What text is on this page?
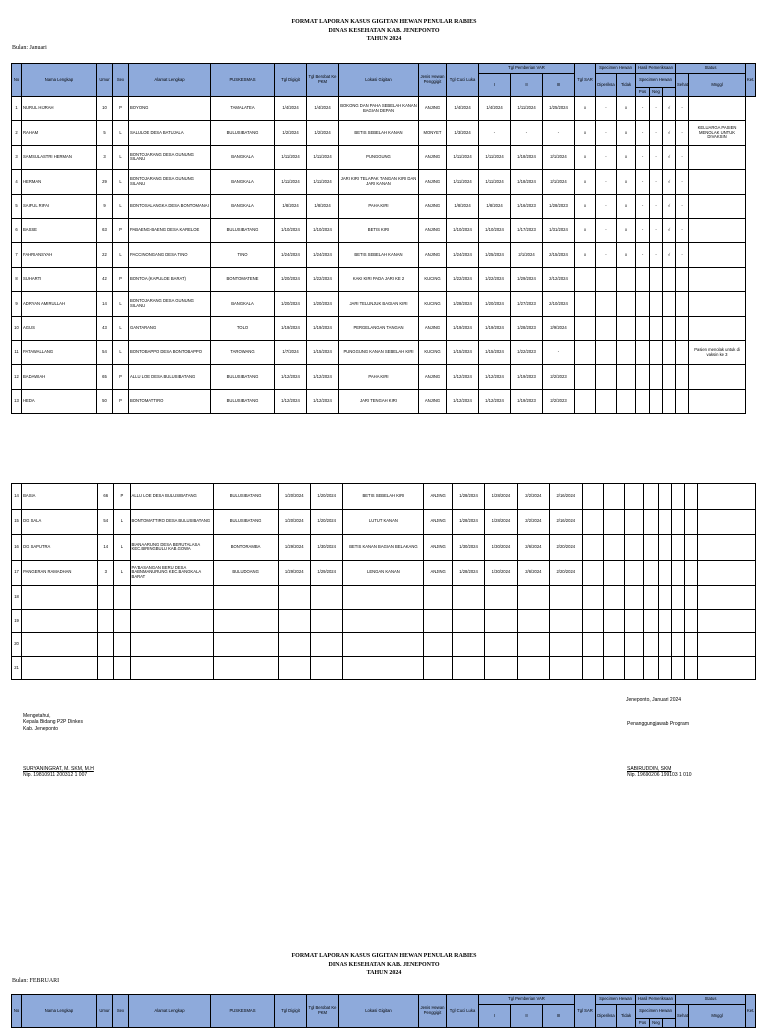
FORMAT LAPORAN KASUS GIGITAN HEWAN PENULAR RABIES
DINAS KESEHATAN KAB. JENEPONTO
TAHUN 2024
Bulan: Januari
No	Nama Lengkap	Umur	Sex	Alamat Lengkap	PUSKESMAS	Tgl Digigit	Tgl Berobat Ke PKM	Lokasi Gigitan	Jenis Hewan Penggigit	Tgl Cuci Luka	Tgl Pemberian VAR			Tgl SAR	Specimen Hewan		Hasil Pemeriksaan			Status		Ket.
											I	II	III		Diperiksa	Tidak	Specimen Hewan			Sehat	Mnggl	
																	Pos	Neg				
1	NURUL HIJRAH	10	P	BOYONG	TAMALATEA	1/4/2024	1/4/2024	BOKONG DAN PAHA SEBELAH KANAN BAGIAN DEPAN	ANJING	1/4/2024	1/4/2024	1/11/2024	1/25/2024	x	-	x	-	-	√	-		
2	RAHAM	5	L	SALULOE DESA BATUJALA	BULUSIBATANG	1/2/2024	1/2/2024	BETIS SEBELAH KANAN	MONYET	1/3/2024	-	-	-	x	-	x	-	-	√	-	KELUARGA PASIEN MENOLAK UNTUK DIVAKSIN	
3	SAMSULASTRI HERMAN	3	L	BONTOJARANG DESA GUNUNG SILANU	BANGKALA	1/11/2024	1/11/2024	PUNGGUNG	ANJING	1/11/2024	1/11/2024	1/18/2024	2/1/2024	x	-	x	-	-	√	-		
4	HERMAN	29	L	BONTOJARANG DESA GUNUNG SILANU	BANGKALA	1/11/2024	1/11/2024	JARI KIRI TELAPAK TANGAN KIRI DAN JARI KANAN	ANJING	1/11/2024	1/11/2024	1/18/2024	2/1/2024	x	-	x	-	-	√	-		
5	SAIFUL RIFAI	9	L	BONTOSALANGKA DESA BONTOMANAI	BANGKALA	1/8/2024	1/8/2024	PAHA KIRI	ANJING	1/8/2024	1/8/2024	1/16/2023	1/28/2023	x	-	x	-	-	√	-		
6	BASSE	63	P	PABAENG-BAENG DESA KARELOE	BULUSIBATANG	1/10/2024	1/10/2024	BETIS KIRI	ANJING	1/10/2024	1/10/2024	1/17/2023	1/31/2024	x	-	x	-	-	√	-		
7	FAHRIANSYAH	22	L	PACCINONGANG DESA TINO	TINO	1/24/2024	1/24/2024	BETIS SEBELAH KANAN	ANJING	1/24/2024	1/25/2024	2/1/2024	2/15/2024	x	-	x	-	-	√	-		
8	SUHARTI	42	P	BONTOA (KAPULOE BARAT)	BONTOMATENE	1/20/2024	1/22/2024	KAKI KIRI PADA JARI KE 2	KUCING	1/22/2024	1/22/2024	1/29/2024	2/12/2024									
9	ADRYAN AMIRULLAH	14	L	BONTOJARANG DESA GUNUNG SILANU	BANGKALA	1/20/2024	1/20/2024	JARI TELUNJUK BAGIAN KIRI	KUCING	1/28/2024	1/20/2024	1/27/2023	2/10/2024									
10	AGUS	43	L	GANTARANG	TOLO	1/19/2024	1/19/2024	PERGELANGAN TANGAN	ANJING	1/19/2024	1/19/2024	1/28/2023	2/9/2024									
11	PATAWALLANG	54	L	BONTOBAPPO DESA BONTOBAPPO	TAROWANG	1/7/2024	1/15/2024	PUNGGUNG KANAN SEBELAH KIRI	KUCING	1/15/2024	1/15/2024	1/22/2023	-								Pasien menolak untuk di vaksin ke 3	
12	BADAWIAH	65	P	ALLU LOE DESA BULUSIBATANG	BULUSIBATANG	1/12/2024	1/12/2024	PAHA KIRI	ANJING	1/12/2024	1/12/2024	1/19/2023	2/2/2023									
13	HEDA	50	P	BONTOMATTIRO	BULUSIBATANG	1/12/2024	1/12/2024	JARI TENGAH KIRI	ANJING	1/12/2024	1/12/2024	1/19/2023	2/2/2023									
14	BASIA	66	P	ALLU LOE DESA BULUSIBATANG	BULUSIBATANG	1/20/2024	1/20/2024	BETIS SEBELAH KIRI	ANJING	1/28/2024	1/28/2024	2/2/2024	2/16/2024								
15	DG SALA	54	L	BONTOMATTIRO DESA BULUSIBATANG	BULUSIBATANG	1/20/2024	1/20/2024	LUTUT KANAN	ANJING	1/28/2024	1/28/2024	2/2/2024	2/16/2024								
16	DG SAPUTRA	14	L	BIANAARUNG DESA BERUTALASA KEC.BIRINGBULU KAB.GOWA	BONTORAMBA	1/29/2024	1/30/2024	BETIS KANAN BAGIAN BELAKANG	ANJING	1/30/2024	1/30/2024	2/6/2024	2/20/2024								
17	PANGERAN RAMADHAN	3	L	PA'BASANGAN BERU DESA BABNMANURUNG KEC.BANGKALA BARAT	BULUDOANG	1/29/2024	1/29/2024	LENGAN KANAN	ANJING	1/28/2024	1/30/2024	2/6/2024	2/20/2024								
18																					
19																					
20																					
21																					
Jeneponto, Januari 2024
Mengetahui,
Kepala Bidang P2P Dinkes
Kab. Jeneponto
Penanggungjawab Program
SURYANINGRAT, M. SKM, M.H
Nip. 19810911 200312 1 007
SABIRUDDIN, SKM
Nip. 19690206 199103 1 010
FORMAT LAPORAN KASUS GIGITAN HEWAN PENULAR RABIES
DINAS KESEHATAN KAB. JENEPONTO
TAHUN 2024
Bulan: FEBRUARI
No	Nama Lengkap	Umur	Sex	Alamat Lengkap	PUSKESMAS	Tgl Digigit	Tgl Berobat Ke PKM	Lokasi Gigitan	Jenis Hewan Penggigit	Tgl Cuci Luka	Tgl Pemberian VAR			Tgl SAR	Specimen Hewan		Hasil Pemeriksaan			Status		Ket.
											I	II	III		Diperiksa	Tidak	Specimen Hewan			Sehat	Mnggl	
																	Pos	Neg				
